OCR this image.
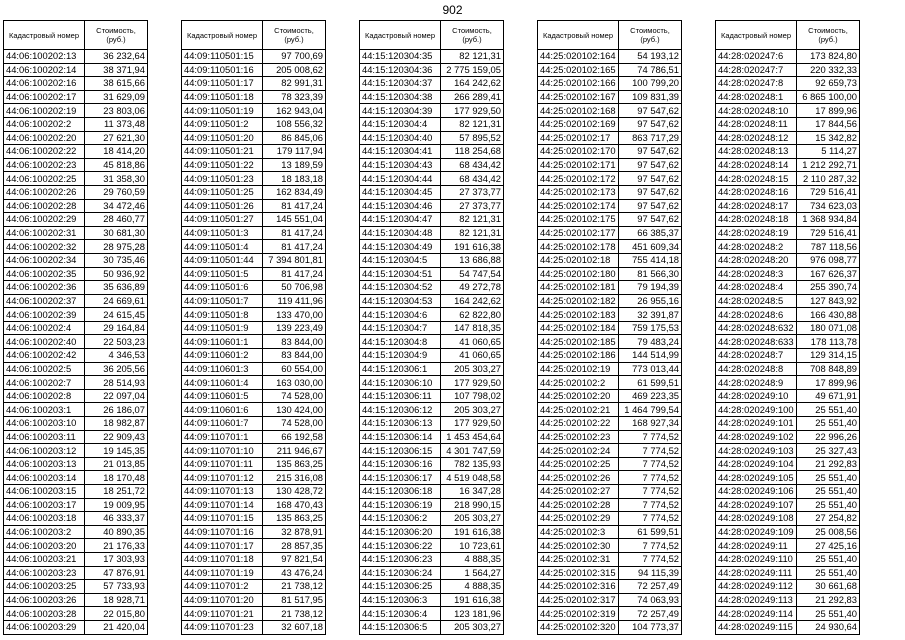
902
Кадастровый номер	Стоимость, (руб.)
44:06:100202:13	36 232,64
44:06:100202:14	38 371,94
44:06:100202:16	38 615,66
44:06:100202:17	31 629,09
44:06:100202:19	23 803,06
44:06:100202:2	11 373,48
44:06:100202:20	27 621,30
44:06:100202:22	18 414,20
44:06:100202:23	45 818,86
44:06:100202:25	31 358,30
44:06:100202:26	29 760,59
44:06:100202:28	34 472,46
44:06:100202:29	28 460,77
44:06:100202:31	30 681,30
44:06:100202:32	28 975,28
44:06:100202:34	30 735,46
44:06:100202:35	50 936,92
44:06:100202:36	35 636,89
44:06:100202:37	24 669,61
44:06:100202:39	24 615,45
44:06:100202:4	29 164,84
44:06:100202:40	22 503,23
44:06:100202:42	4 346,53
44:06:100202:5	36 205,56
44:06:100202:7	28 514,93
44:06:100202:8	22 097,04
44:06:100203:1	26 186,07
44:06:100203:10	18 982,87
44:06:100203:11	22 909,43
44:06:100203:12	19 145,35
44:06:100203:13	21 013,85
44:06:100203:14	18 170,48
44:06:100203:15	18 251,72
44:06:100203:17	19 009,95
44:06:100203:18	46 333,37
44:06:100203:2	40 890,35
44:06:100203:20	21 176,33
44:06:100203:21	17 303,93
44:06:100203:23	47 876,91
44:06:100203:25	57 733,93
44:06:100203:26	18 928,71
44:06:100203:28	22 015,80
44:06:100203:29	21 420,04
Кадастровый номер	Стоимость, (руб.)
44:09:110501:15	97 700,69
44:09:110501:16	205 008,62
44:09:110501:17	82 991,31
44:09:110501:18	78 323,39
44:09:110501:19	162 943,04
44:09:110501:2	108 556,32
44:09:110501:20	86 845,06
44:09:110501:21	179 117,94
44:09:110501:22	13 189,59
44:09:110501:23	18 183,18
44:09:110501:25	162 834,49
44:09:110501:26	81 417,24
44:09:110501:27	145 551,04
44:09:110501:3	81 417,24
44:09:110501:4	81 417,24
44:09:110501:44	7 394 801,81
44:09:110501:5	81 417,24
44:09:110501:6	50 706,98
44:09:110501:7	119 411,96
44:09:110501:8	133 470,00
44:09:110501:9	139 223,49
44:09:110601:1	83 844,00
44:09:110601:2	83 844,00
44:09:110601:3	60 554,00
44:09:110601:4	163 030,00
44:09:110601:5	74 528,00
44:09:110601:6	130 424,00
44:09:110601:7	74 528,00
44:09:110701:1	66 192,58
44:09:110701:10	211 946,67
44:09:110701:11	135 863,25
44:09:110701:12	215 316,08
44:09:110701:13	130 428,72
44:09:110701:14	168 470,43
44:09:110701:15	135 863,25
44:09:110701:16	32 878,91
44:09:110701:17	28 857,35
44:09:110701:18	97 821,54
44:09:110701:19	43 476,24
44:09:110701:2	21 738,12
44:09:110701:20	81 517,95
44:09:110701:21	21 738,12
44:09:110701:23	32 607,18
Кадастровый номер	Стоимость, (руб.)
44:15:120304:35	82 121,31
44:15:120304:36	2 775 159,05
44:15:120304:37	164 242,62
44:15:120304:38	266 289,41
44:15:120304:39	177 929,50
44:15:120304:4	82 121,31
44:15:120304:40	57 895,52
44:15:120304:41	118 254,68
44:15:120304:43	68 434,42
44:15:120304:44	68 434,42
44:15:120304:45	27 373,77
44:15:120304:46	27 373,77
44:15:120304:47	82 121,31
44:15:120304:48	82 121,31
44:15:120304:49	191 616,38
44:15:120304:5	13 686,88
44:15:120304:51	54 747,54
44:15:120304:52	49 272,78
44:15:120304:53	164 242,62
44:15:120304:6	62 822,80
44:15:120304:7	147 818,35
44:15:120304:8	41 060,65
44:15:120304:9	41 060,65
44:15:120306:1	205 303,27
44:15:120306:10	177 929,50
44:15:120306:11	107 798,02
44:15:120306:12	205 303,27
44:15:120306:13	177 929,50
44:15:120306:14	1 453 454,64
44:15:120306:15	4 301 747,59
44:15:120306:16	782 135,93
44:15:120306:17	4 519 048,58
44:15:120306:18	16 347,28
44:15:120306:19	218 990,15
44:15:120306:2	205 303,27
44:15:120306:20	191 616,38
44:15:120306:22	10 723,61
44:15:120306:23	4 888,35
44:15:120306:24	1 564,27
44:15:120306:25	4 888,35
44:15:120306:3	191 616,38
44:15:120306:4	123 181,96
44:15:120306:5	205 303,27
Кадастровый номер	Стоимость, (руб.)
44:25:020102:164	54 193,12
44:25:020102:165	74 786,51
44:25:020102:166	100 799,20
44:25:020102:167	109 831,39
44:25:020102:168	97 547,62
44:25:020102:169	97 547,62
44:25:020102:17	863 717,29
44:25:020102:170	97 547,62
44:25:020102:171	97 547,62
44:25:020102:172	97 547,62
44:25:020102:173	97 547,62
44:25:020102:174	97 547,62
44:25:020102:175	97 547,62
44:25:020102:177	66 385,37
44:25:020102:178	451 609,34
44:25:020102:18	755 414,18
44:25:020102:180	81 566,30
44:25:020102:181	79 194,39
44:25:020102:182	26 955,16
44:25:020102:183	32 391,87
44:25:020102:184	759 175,53
44:25:020102:185	79 483,24
44:25:020102:186	144 514,99
44:25:020102:19	773 013,44
44:25:020102:2	61 599,51
44:25:020102:20	469 223,35
44:25:020102:21	1 464 799,54
44:25:020102:22	168 927,34
44:25:020102:23	7 774,52
44:25:020102:24	7 774,52
44:25:020102:25	7 774,52
44:25:020102:26	7 774,52
44:25:020102:27	7 774,52
44:25:020102:28	7 774,52
44:25:020102:29	7 774,52
44:25:020102:3	61 599,51
44:25:020102:30	7 774,52
44:25:020102:31	7 774,52
44:25:020102:315	94 115,39
44:25:020102:316	72 257,49
44:25:020102:317	74 063,93
44:25:020102:319	72 257,49
44:25:020102:320	104 773,37
Кадастровый номер	Стоимость, (руб.)
44:28:020247:6	173 824,80
44:28:020247:7	220 332,33
44:28:020247:8	92 659,73
44:28:020248:1	6 865 100,00
44:28:020248:10	17 899,96
44:28:020248:11	17 844,56
44:28:020248:12	15 342,82
44:28:020248:13	5 114,27
44:28:020248:14	1 212 292,71
44:28:020248:15	2 110 287,32
44:28:020248:16	729 516,41
44:28:020248:17	734 623,03
44:28:020248:18	1 368 934,84
44:28:020248:19	729 516,41
44:28:020248:2	787 118,56
44:28:020248:20	976 098,77
44:28:020248:3	167 626,37
44:28:020248:4	255 390,74
44:28:020248:5	127 843,92
44:28:020248:6	166 430,88
44:28:020248:632	180 071,08
44:28:020248:633	178 113,78
44:28:020248:7	129 314,15
44:28:020248:8	708 848,89
44:28:020248:9	17 899,96
44:28:020249:10	49 671,91
44:28:020249:100	25 551,40
44:28:020249:101	25 551,40
44:28:020249:102	22 996,26
44:28:020249:103	25 327,43
44:28:020249:104	21 292,83
44:28:020249:105	25 551,40
44:28:020249:106	25 551,40
44:28:020249:107	25 551,40
44:28:020249:108	27 254,82
44:28:020249:109	25 008,56
44:28:020249:11	27 425,16
44:28:020249:110	25 551,40
44:28:020249:111	25 551,40
44:28:020249:112	30 661,68
44:28:020249:113	21 292,83
44:28:020249:114	25 551,40
44:28:020249:115	24 930,64
